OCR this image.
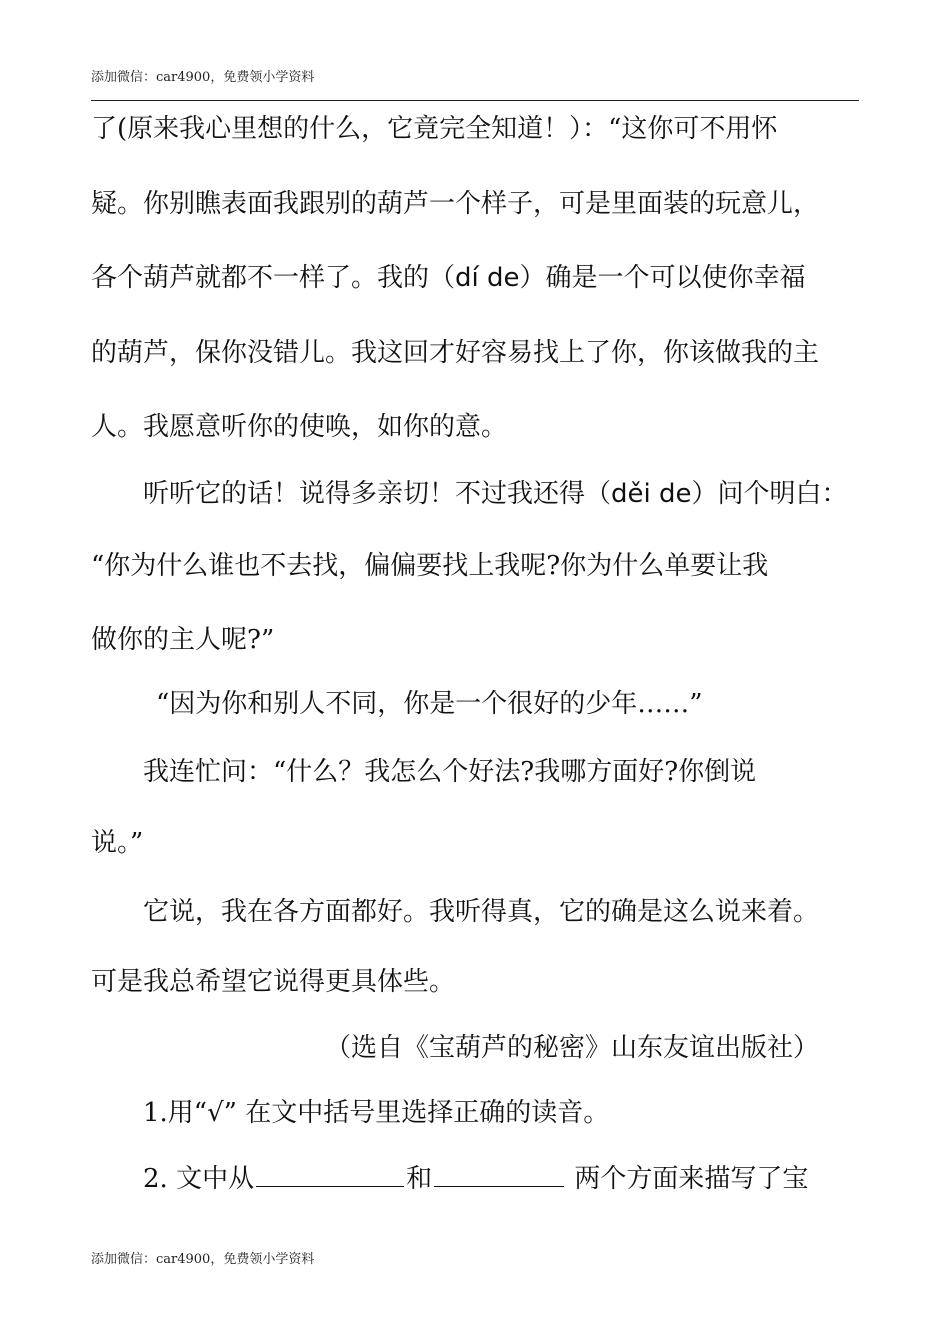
添加微信：car4900，免费领小学资料
了(原来我心里想的什么，它竟完全知道！）：“这你可不用怀
疑。你别瞧表面我跟别的葫芦一个样子，可是里面装的玩意儿，
各个葫芦就都不一样了。我的（dí de）确是一个可以使你幸福
的葫芦，保你没错儿。我这回才好容易找上了你，你该做我的主
人。我愿意听你的使唤，如你的意。
听听它的话！说得多亲切！不过我还得（děi de）问个明白：
“你为什么谁也不去找，偏偏要找上我呢?你为什么单要让我
做你的主人呢?”
“因为你和别人不同，你是一个很好的少年……”
我连忙问：“什么？我怎么个好法?我哪方面好?你倒说
说。”
它说，我在各方面都好。我听得真，它的确是这么说来着。
可是我总希望它说得更具体些。
（选自《宝葫芦的秘密》山东友谊出版社）
1.用“√” 在文中括号里选择正确的读音。
2. 文中从	和	两个方面来描写了宝
添加微信：car4900，免费领小学资料
